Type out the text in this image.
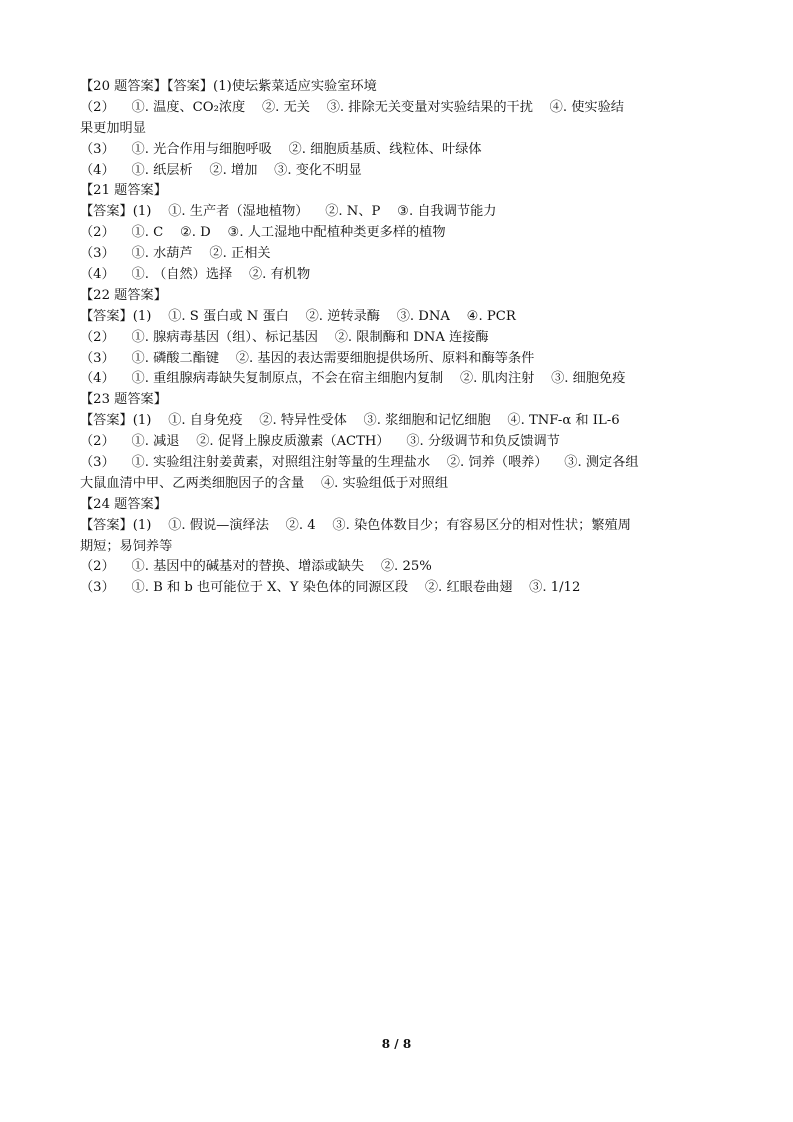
【20 题答案】【答案】(1)使坛紫菜适应实验室环境
（2）    ①. 温度、CO₂浓度    ②. 无关    ③. 排除无关变量对实验结果的干扰    ④. 使实验结
果更加明显
（3）    ①. 光合作用与细胞呼吸    ②. 细胞质基质、线粒体、叶绿体
（4）    ①. 纸层析    ②. 增加    ③. 变化不明显
【21 题答案】
【答案】(1)    ①. 生产者（湿地植物）    ②. N、P    ③. 自我调节能力
（2）    ①. C    ②. D    ③. 人工湿地中配植种类更多样的植物
（3）    ①. 水葫芦    ②. 正相关
（4）    ①. （自然）选择    ②. 有机物
【22 题答案】
【答案】(1)    ①. S 蛋白或 N 蛋白    ②. 逆转录酶    ③. DNA    ④. PCR
（2）    ①. 腺病毒基因（组）、标记基因    ②. 限制酶和 DNA 连接酶
（3）    ①. 磷酸二酯键    ②. 基因的表达需要细胞提供场所、原料和酶等条件
（4）    ①. 重组腺病毒缺失复制原点，不会在宿主细胞内复制    ②. 肌肉注射    ③. 细胞免疫
【23 题答案】
【答案】(1)    ①. 自身免疫    ②. 特异性受体    ③. 浆细胞和记忆细胞    ④. TNF-α 和 IL-6
（2）    ①. 减退    ②. 促肾上腺皮质激素（ACTH）    ③. 分级调节和负反馈调节
（3）    ①. 实验组注射姜黄素，对照组注射等量的生理盐水    ②. 饲养（喂养）    ③. 测定各组
大鼠血清中甲、乙两类细胞因子的含量    ④. 实验组低于对照组
【24 题答案】
【答案】(1)    ①. 假说—演绎法    ②. 4    ③. 染色体数目少；有容易区分的相对性状；繁殖周
期短；易饲养等
（2）    ①. 基因中的碱基对的替换、增添或缺失    ②. 25%
（3）    ①. B 和 b 也可能位于 X、Y 染色体的同源区段    ②. 红眼卷曲翅    ③. 1/12
8 / 8
